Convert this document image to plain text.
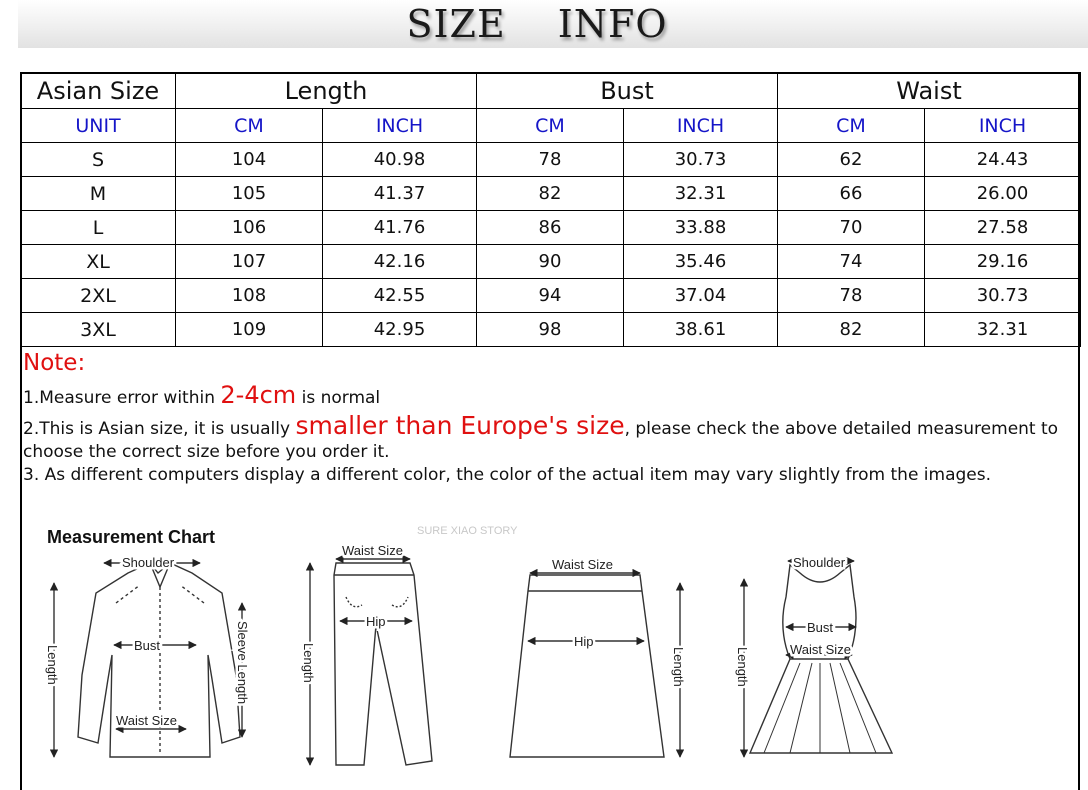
SIZE INFO
Asian Size	Length		Bust		Waist	
UNIT	CM	INCH	CM	INCH	CM	INCH
S	104	40.98	78	30.73	62	24.43
M	105	41.37	82	32.31	66	26.00
L	106	41.76	86	33.88	70	27.58
XL	107	42.16	90	35.46	74	29.16
2XL	108	42.55	94	37.04	78	30.73
3XL	109	42.95	98	38.61	82	32.31
Note:
1.Measure error within 2-4cm is normal
2.This is Asian size, it is usually smaller than Europe's size, please check the above detailed measurement to choose the correct size before you order it.
3. As different computers display a different color, the color of the actual item may vary slightly from the images.
Measurement Chart	SURE XIAO STORY
Shoulder
Bust
Waist Size
Length	Sleeve Length
Waist Size
Hip
Length
Waist Size
Hip
Length
Shoulder
Bust
Waist Size
Length
